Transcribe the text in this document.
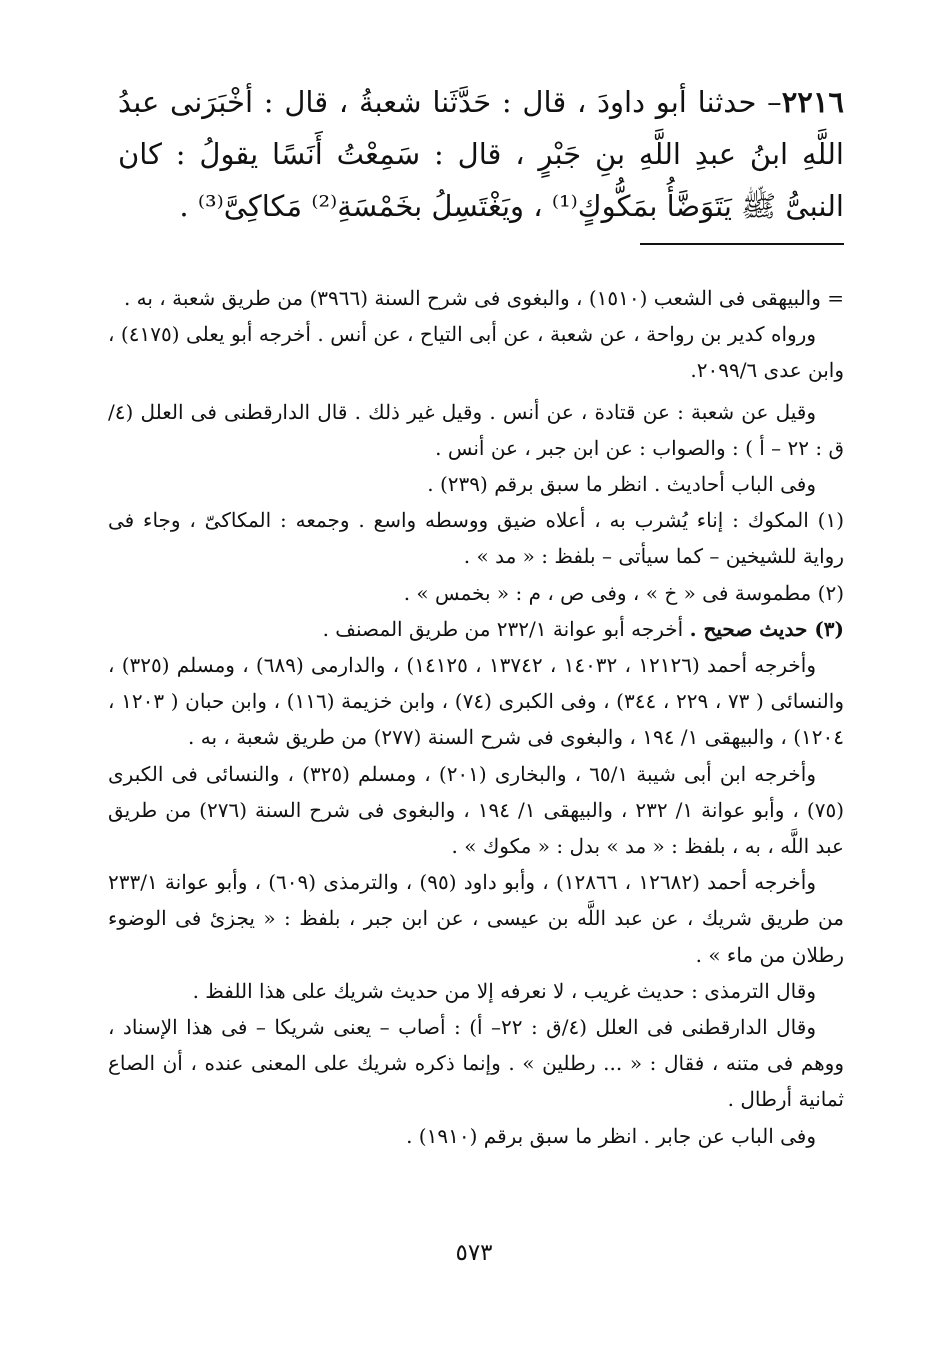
٢٢١٦– حدثنا أبو داودَ ، قال : حَدَّثَنا شعبةُ ، قال : أخْبَرَنى عبدُ اللَّهِ ابنُ عبدِ اللَّهِ بنِ جَبْرٍ ، قال : سَمِعْتُ أَنَسًا يقولُ : كان النبىُّ ﷺ يَتَوَضَّأُ بمَكُّوكٍ⁽¹⁾ ، ويَغْتَسِلُ بخَمْسَةِ⁽²⁾ مَكاكِىَّ⁽³⁾ .

= والبيهقى فى الشعب (١٥١٠) ، والبغوى فى شرح السنة (٣٩٦٦) من طريق شعبة ، به .

ورواه كدير بن رواحة ، عن شعبة ، عن أبى التياح ، عن أنس . أخرجه أبو يعلى (٤١٧٥) ، وابن عدى ٢٠٩٩/٦.

وقيل عن شعبة : عن قتادة ، عن أنس . وقيل غير ذلك . قال الدارقطنى فى العلل (٤/ ق : ٢٢ – أ ) : والصواب : عن ابن جبر ، عن أنس .

وفى الباب أحاديث . انظر ما سبق برقم (٢٣٩) .

(١) المكوك : إناء يُشرب به ، أعلاه ضيق ووسطه واسع . وجمعه : المكاكىّ ، وجاء فى رواية للشيخين – كما سيأتى – بلفظ : « مد » .

(٢) مطموسة فى « خ » ، وفى ص ، م : « بخمس » .

(٣) حديث صحيح . أخرجه أبو عوانة ٢٣٢/١ من طريق المصنف .

وأخرجه أحمد (١٢١٢٦ ، ١٤٠٣٢ ، ١٣٧٤٢ ، ١٤١٢٥) ، والدارمى (٦٨٩) ، ومسلم (٣٢٥) ، والنسائى ( ٧٣ ، ٢٢٩ ، ٣٤٤) ، وفى الكبرى (٧٤) ، وابن خزيمة (١١٦) ، وابن حبان ( ١٢٠٣ ، ١٢٠٤) ، والبيهقى ١/ ١٩٤ ، والبغوى فى شرح السنة (٢٧٧) من طريق شعبة ، به .

وأخرجه ابن أبى شيبة ٦٥/١ ، والبخارى (٢٠١) ، ومسلم (٣٢٥) ، والنسائى فى الكبرى (٧٥) ، وأبو عوانة ١/ ٢٣٢ ، والبيهقى ١/ ١٩٤ ، والبغوى فى شرح السنة (٢٧٦) من طريق عبد اللَّه ، به ، بلفظ : « مد » بدل : « مكوك » .

وأخرجه أحمد (١٢٦٨٢ ، ١٢٨٦٦) ، وأبو داود (٩٥) ، والترمذى (٦٠٩) ، وأبو عوانة ٢٣٣/١ من طريق شريك ، عن عبد اللَّه بن عيسى ، عن ابن جبر ، بلفظ : « يجزئ فى الوضوء رطلان من ماء » .

وقال الترمذى : حديث غريب ، لا نعرفه إلا من حديث شريك على هذا اللفظ .

وقال الدارقطنى فى العلل (٤/ق : ٢٢– أ) : أصاب – يعنى شريكا – فى هذا الإسناد ، ووهم فى متنه ، فقال : « ... رطلين » . وإنما ذكره شريك على المعنى عنده ، أن الصاع ثمانية أرطال .

وفى الباب عن جابر . انظر ما سبق برقم (١٩١٠) .

٥٧٣
